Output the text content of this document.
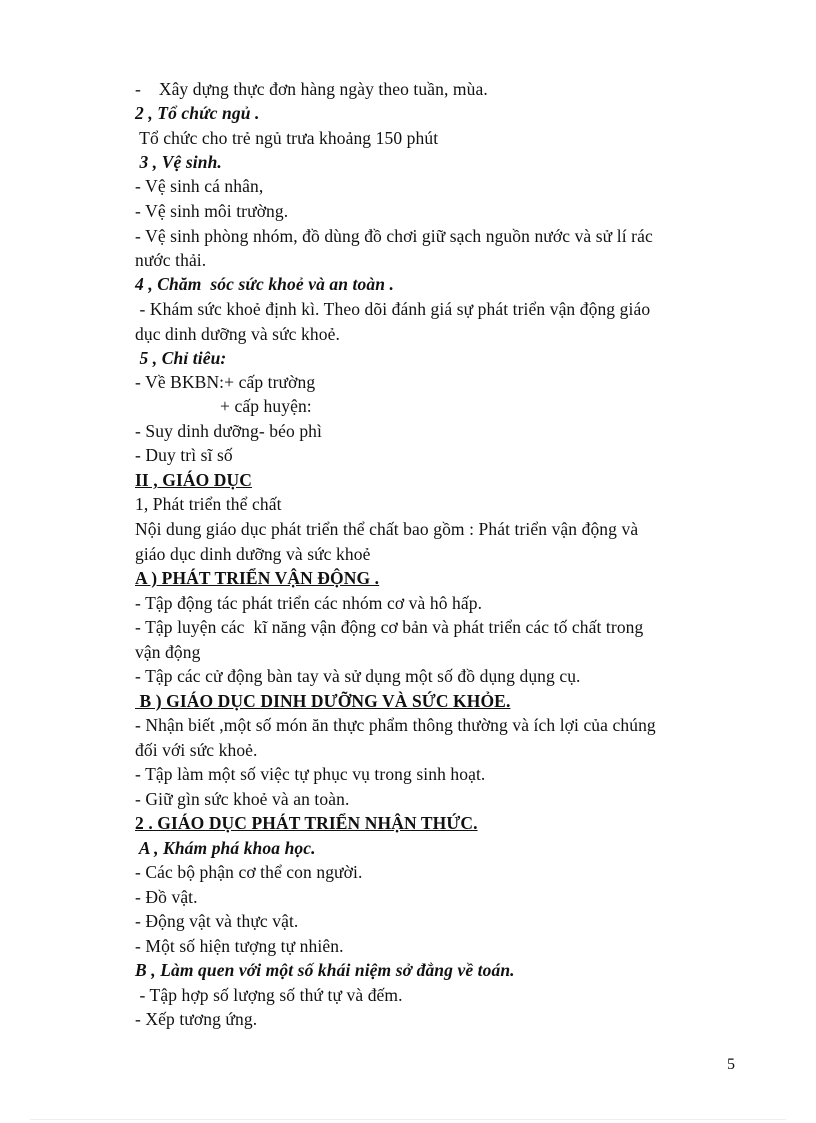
-    Xây dựng thực đơn hàng ngày theo tuần, mùa.
2 , Tổ chức ngủ .
Tổ chức cho trẻ ngủ trưa khoảng 150 phút
3 , Vệ sinh.
- Vệ sinh cá nhân,
- Vệ sinh môi trường.
- Vệ sinh phòng nhóm, đồ dùng đồ chơi giữ sạch nguồn nước và sử lí rác
nước thải.
4 , Chăm  sóc sức khoẻ và an toàn .
- Khám sức khoẻ định kì. Theo dõi đánh giá sự phát triển vận động giáo
dục dinh dưỡng và sức khoẻ.
5 , Chỉ tiêu:
- Về BKBN:+ cấp trường
+ cấp huyện:
- Suy dinh dưỡng- béo phì
- Duy trì sĩ số
II , GIÁO DỤC
1, Phát triển thể chất
Nội dung giáo dục phát triển thể chất bao gồm : Phát triển vận động và
giáo dục dinh dưỡng và sức khoẻ
A ) PHÁT TRIỂN VẬN ĐỘNG .
- Tập động tác phát triển các nhóm cơ và hô hấp.
- Tập luyện các  kĩ năng vận động cơ bản và phát triển các tố chất trong
vận động
- Tập các cử động bàn tay và sử dụng một số đồ dụng dụng cụ.
B ) GIÁO DỤC DINH DƯỠNG VÀ SỨC KHỎE.
- Nhận biết ,một số món ăn thực phẩm thông thường và ích lợi của chúng
đối với sức khoẻ.
- Tập làm một số việc tự phục vụ trong sinh hoạt.
- Giữ gìn sức khoẻ và an toàn.
2 . GIÁO DỤC PHÁT TRIỂN NHẬN THỨC.
A , Khám phá khoa học.
- Các bộ phận cơ thể con người.
- Đồ vật.
- Động vật và thực vật.
- Một số hiện tượng tự nhiên.
B , Làm quen với một số khái niệm sở đẳng về toán.
- Tập hợp số lượng số thứ tự và đếm.
- Xếp tương ứng.
5
